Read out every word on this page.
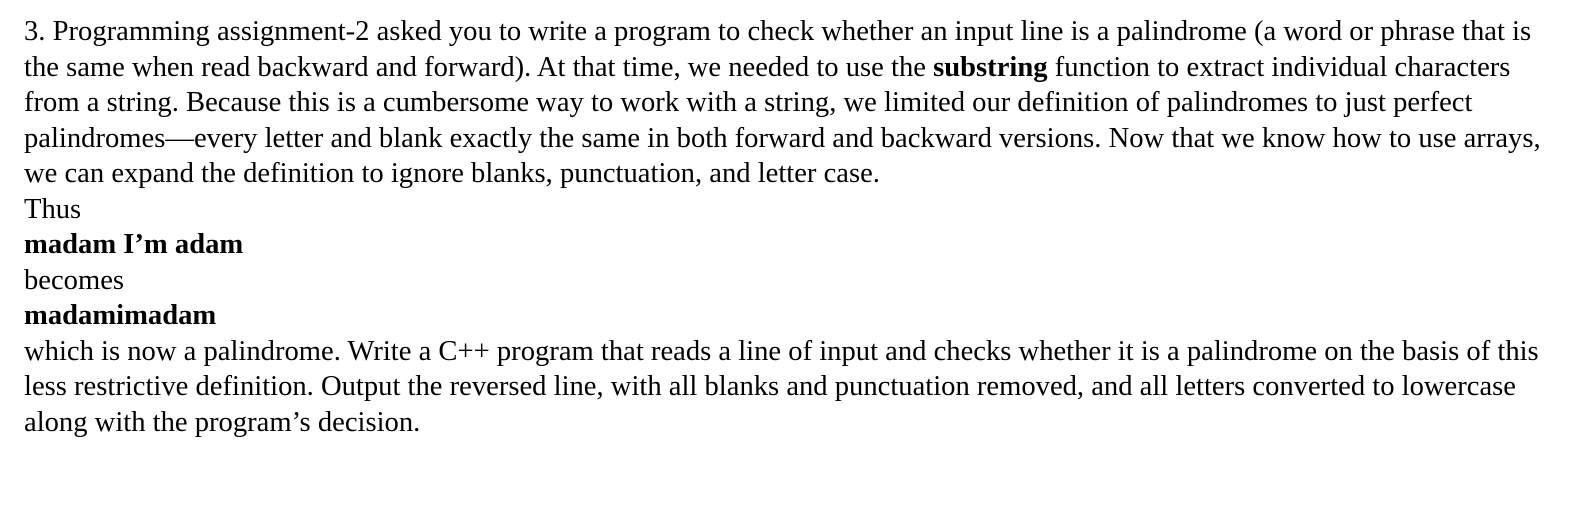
3. Programming assignment-2 asked you to write a program to check whether an input line is a palindrome (a word or phrase that is the same when read backward and forward). At that time, we needed to use the substring function to extract individual characters from a string. Because this is a cumbersome way to work with a string, we limited our definition of palindromes to just perfect palindromes—every letter and blank exactly the same in both forward and backward versions. Now that we know how to use arrays, we can expand the definition to ignore blanks, punctuation, and letter case.

Thus

madam I’m adam

becomes

madamimadam

which is now a palindrome. Write a C++ program that reads a line of input and checks whether it is a palindrome on the basis of this less restrictive definition. Output the reversed line, with all blanks and punctuation removed, and all letters converted to lowercase along with the program’s decision.
